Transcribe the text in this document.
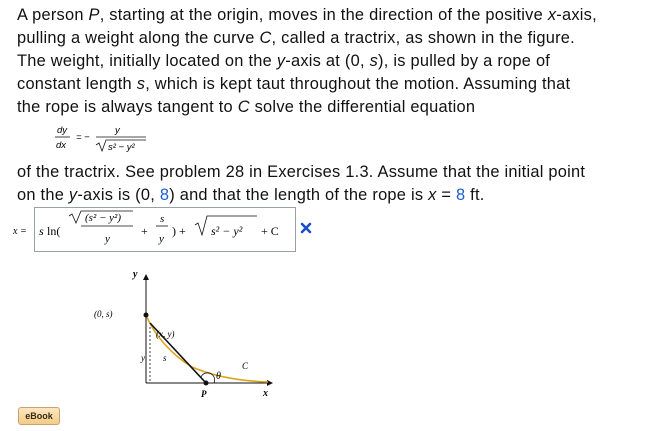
A person P, starting at the origin, moves in the direction of the positive x-axis,
pulling a weight along the curve C, called a tractrix, as shown in the figure.
The weight, initially located on the y-axis at (0, s), is pulled by a rope of
constant length s, which is kept taut throughout the motion. Assuming that
the rope is always tangent to C solve the differential equation
dy
dx
= −
y
s² − y²
of the tractrix. See problem 28 in Exercises 1.3. Assume that the initial point
on the y-axis is (0, 8) and that the length of the rope is x = 8 ft.
x = s ln(
(s² − y²)
y
+
s
y
) + s² − y² + C
y
x
(0, s)
(x, y)
y s
C
θ
P
eBook
